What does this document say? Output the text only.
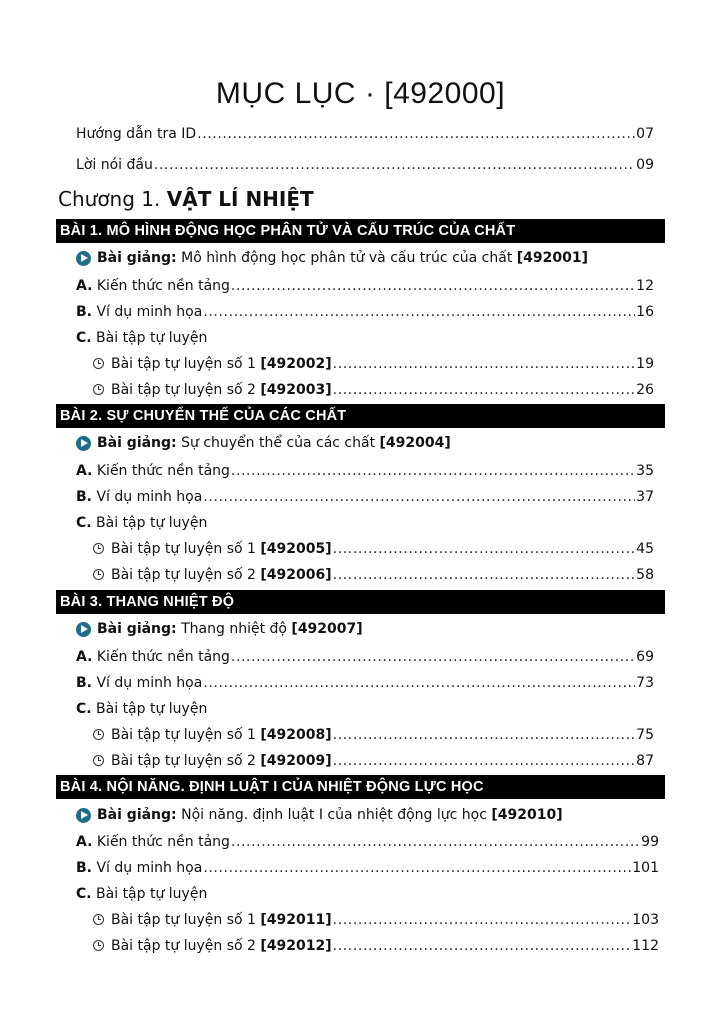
MỤC LỤC · [492000]
Hướng dẫn tra ID .....	07
Lời nói đầu .....	09
Chương 1. VẬT LÍ NHIỆT
BÀI 1. MÔ HÌNH ĐỘNG HỌC PHÂN TỬ VÀ CẤU TRÚC CỦA CHẤT
Bài giảng:
Mô hình động học phân tử và cấu trúc của chất
[492001]
A.
Kiến thức nền tảng .....	12
B.
Ví dụ minh họa .....	16
C.
Bài tập tự luyện
Bài tập tự luyện số 1
[492002] .....	19
Bài tập tự luyện số 2
[492003] .....	26
BÀI 2. SỰ CHUYỂN THỂ CỦA CÁC CHẤT
Bài giảng:
Sự chuyển thể của các chất
[492004]
A.
Kiến thức nền tảng .....	35
B.
Ví dụ minh họa .....	37
C.
Bài tập tự luyện
Bài tập tự luyện số 1
[492005] .....	45
Bài tập tự luyện số 2
[492006] .....	58
BÀI 3. THANG NHIỆT ĐỘ
Bài giảng:
Thang nhiệt độ
[492007]
A.
Kiến thức nền tảng .....	69
B.
Ví dụ minh họa .....	73
C.
Bài tập tự luyện
Bài tập tự luyện số 1
[492008] .....	75
Bài tập tự luyện số 2
[492009] .....	87
BÀI 4. NỘI NĂNG. ĐỊNH LUẬT I CỦA NHIỆT ĐỘNG LỰC HỌC
Bài giảng:
Nội năng. định luật I của nhiệt động lực học
[492010]
A.
Kiến thức nền tảng .....	99
B.
Ví dụ minh họa .....	101
C.
Bài tập tự luyện
Bài tập tự luyện số 1
[492011] .....	103
Bài tập tự luyện số 2
[492012] .....	112
